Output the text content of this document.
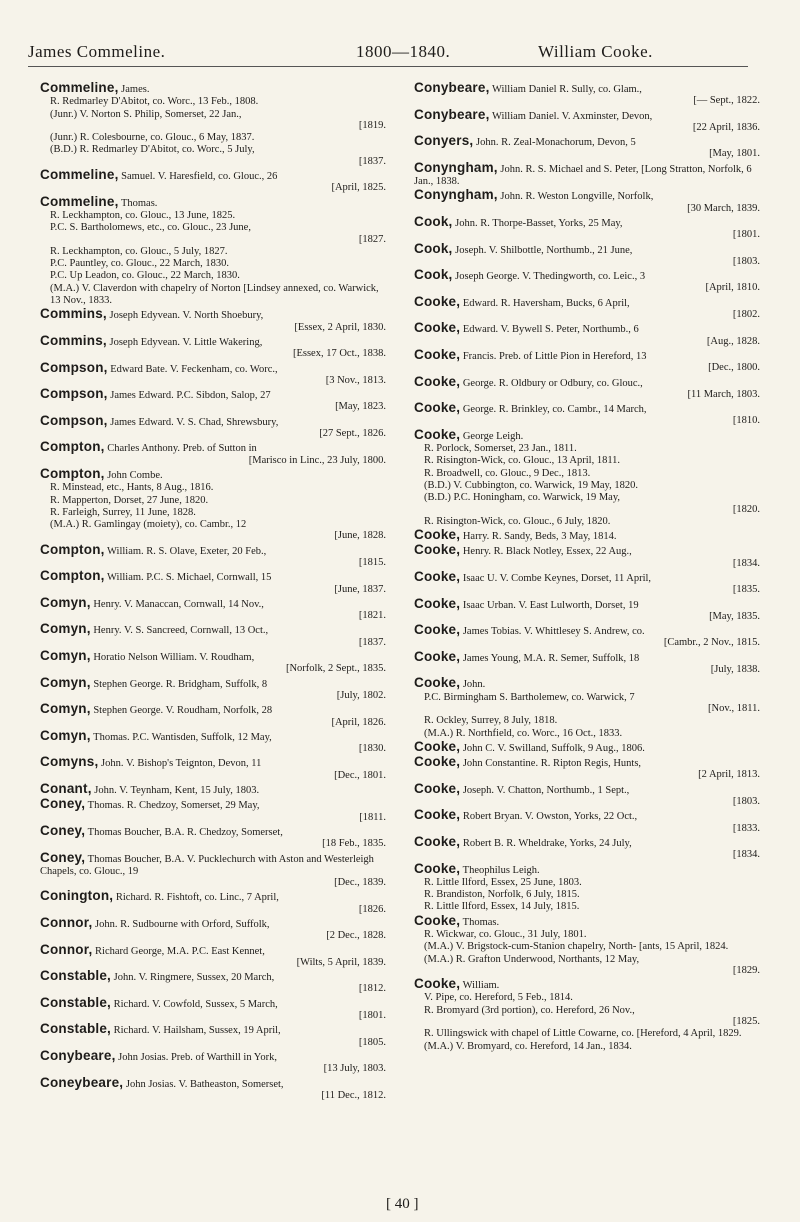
James Commeline.	1800—1840.	William Cooke.
Commeline, James.
R. Redmarley D'Abitot, co. Worc., 13 Feb., 1808.
(Junr.) V. Norton S. Philip, Somerset, 22 Jan.,
[1819.
(Junr.) R. Colesbourne, co. Glouc., 6 May, 1837.
(B.D.) R. Redmarley D'Abitot, co. Worc., 5 July,
[1837.
Commeline, Samuel. V. Haresfield, co. Glouc., 26
[April, 1825.
Commeline, Thomas.
R. Leckhampton, co. Glouc., 13 June, 1825.
P.C. S. Bartholomews, etc., co. Glouc., 23 June,
[1827.
R. Leckhampton, co. Glouc., 5 July, 1827.
P.C. Pauntley, co. Glouc., 22 March, 1830.
P.C. Up Leadon, co. Glouc., 22 March, 1830.
(M.A.) V. Claverdon with chapelry of Norton [Lindsey annexed, co. Warwick, 13 Nov., 1833.
Commins, Joseph Edyvean. V. North Shoebury,
[Essex, 2 April, 1830.
Commins, Joseph Edyvean. V. Little Wakering,
[Essex, 17 Oct., 1838.
Compson, Edward Bate. V. Feckenham, co. Worc.,
[3 Nov., 1813.
Compson, James Edward. P.C. Sibdon, Salop, 27
[May, 1823.
Compson, James Edward. V. S. Chad, Shrewsbury,
[27 Sept., 1826.
Compton, Charles Anthony. Preb. of Sutton in
[Marisco in Linc., 23 July, 1800.
Compton, John Combe.
R. Minstead, etc., Hants, 8 Aug., 1816.
R. Mapperton, Dorset, 27 June, 1820.
R. Farleigh, Surrey, 11 June, 1828.
(M.A.) R. Gamlingay (moiety), co. Cambr., 12
[June, 1828.
Compton, William. R. S. Olave, Exeter, 20 Feb.,
[1815.
Compton, William. P.C. S. Michael, Cornwall, 15
[June, 1837.
Comyn, Henry. V. Manaccan, Cornwall, 14 Nov.,
[1821.
Comyn, Henry. V. S. Sancreed, Cornwall, 13 Oct.,
[1837.
Comyn, Horatio Nelson William. V. Roudham,
[Norfolk, 2 Sept., 1835.
Comyn, Stephen George. R. Bridgham, Suffolk, 8
[July, 1802.
Comyn, Stephen George. V. Roudham, Norfolk, 28
[April, 1826.
Comyn, Thomas. P.C. Wantisden, Suffolk, 12 May,
[1830.
Comyns, John. V. Bishop's Teignton, Devon, 11
[Dec., 1801.
Conant, John. V. Teynham, Kent, 15 July, 1803.
Coney, Thomas. R. Chedzoy, Somerset, 29 May,
[1811.
Coney, Thomas Boucher, B.A. R. Chedzoy, Somerset,
[18 Feb., 1835.
Coney, Thomas Boucher, B.A. V. Pucklechurch with Aston and Westerleigh Chapels, co. Glouc., 19
[Dec., 1839.
Conington, Richard. R. Fishtoft, co. Linc., 7 April,
[1826.
Connor, John. R. Sudbourne with Orford, Suffolk,
[2 Dec., 1828.
Connor, Richard George, M.A. P.C. East Kennet,
[Wilts, 5 April, 1839.
Constable, John. V. Ringmere, Sussex, 20 March,
[1812.
Constable, Richard. V. Cowfold, Sussex, 5 March,
[1801.
Constable, Richard. V. Hailsham, Sussex, 19 April,
[1805.
Conybeare, John Josias. Preb. of Warthill in York,
[13 July, 1803.
Coneybeare, John Josias. V. Batheaston, Somerset,
[11 Dec., 1812.
Conybeare, William Daniel R. Sully, co. Glam.,
[— Sept., 1822.
Conybeare, William Daniel. V. Axminster, Devon,
[22 April, 1836.
Conyers, John. R. Zeal-Monachorum, Devon, 5
[May, 1801.
Conyngham, John. R. S. Michael and S. Peter, [Long Stratton, Norfolk, 6 Jan., 1838.
Conyngham, John. R. Weston Longville, Norfolk,
[30 March, 1839.
Cook, John. R. Thorpe-Basset, Yorks, 25 May,
[1801.
Cook, Joseph. V. Shilbottle, Northumb., 21 June,
[1803.
Cook, Joseph George. V. Thedingworth, co. Leic., 3
[April, 1810.
Cooke, Edward. R. Haversham, Bucks, 6 April,
[1802.
Cooke, Edward. V. Bywell S. Peter, Northumb., 6
[Aug., 1828.
Cooke, Francis. Preb. of Little Pion in Hereford, 13
[Dec., 1800.
Cooke, George. R. Oldbury or Odbury, co. Glouc.,
[11 March, 1803.
Cooke, George. R. Brinkley, co. Cambr., 14 March,
[1810.
Cooke, George Leigh.
R. Porlock, Somerset, 23 Jan., 1811.
R. Risington-Wick, co. Glouc., 13 April, 1811.
R. Broadwell, co. Glouc., 9 Dec., 1813.
(B.D.) V. Cubbington, co. Warwick, 19 May, 1820.
(B.D.) P.C. Honingham, co. Warwick, 19 May,
[1820.
R. Risington-Wick, co. Glouc., 6 July, 1820.
Cooke, Harry. R. Sandy, Beds, 3 May, 1814.
Cooke, Henry. R. Black Notley, Essex, 22 Aug.,
[1834.
Cooke, Isaac U. V. Combe Keynes, Dorset, 11 April,
[1835.
Cooke, Isaac Urban. V. East Lulworth, Dorset, 19
[May, 1835.
Cooke, James Tobias. V. Whittlesey S. Andrew, co.
[Cambr., 2 Nov., 1815.
Cooke, James Young, M.A. R. Semer, Suffolk, 18
[July, 1838.
Cooke, John.
P.C. Birmingham S. Bartholemew, co. Warwick, 7
[Nov., 1811.
R. Ockley, Surrey, 8 July, 1818.
(M.A.) R. Northfield, co. Worc., 16 Oct., 1833.
Cooke, John C. V. Swilland, Suffolk, 9 Aug., 1806.
Cooke, John Constantine. R. Ripton Regis, Hunts,
[2 April, 1813.
Cooke, Joseph. V. Chatton, Northumb., 1 Sept.,
[1803.
Cooke, Robert Bryan. V. Owston, Yorks, 22 Oct.,
[1833.
Cooke, Robert B. R. Wheldrake, Yorks, 24 July,
[1834.
Cooke, Theophilus Leigh.
R. Little Ilford, Essex, 25 June, 1803.
R. Brandiston, Norfolk, 6 July, 1815.
R. Little Ilford, Essex, 14 July, 1815.
Cooke, Thomas.
R. Wickwar, co. Glouc., 31 July, 1801.
(M.A.) V. Brigstock-cum-Stanion chapelry, North- [ants, 15 April, 1824.
(M.A.) R. Grafton Underwood, Northants, 12 May,
[1829.
Cooke, William.
V. Pipe, co. Hereford, 5 Feb., 1814.
R. Bromyard (3rd portion), co. Hereford, 26 Nov.,
[1825.
R. Ullingswick with chapel of Little Cowarne, co. [Hereford, 4 April, 1829.
(M.A.) V. Bromyard, co. Hereford, 14 Jan., 1834.
[ 40 ]
